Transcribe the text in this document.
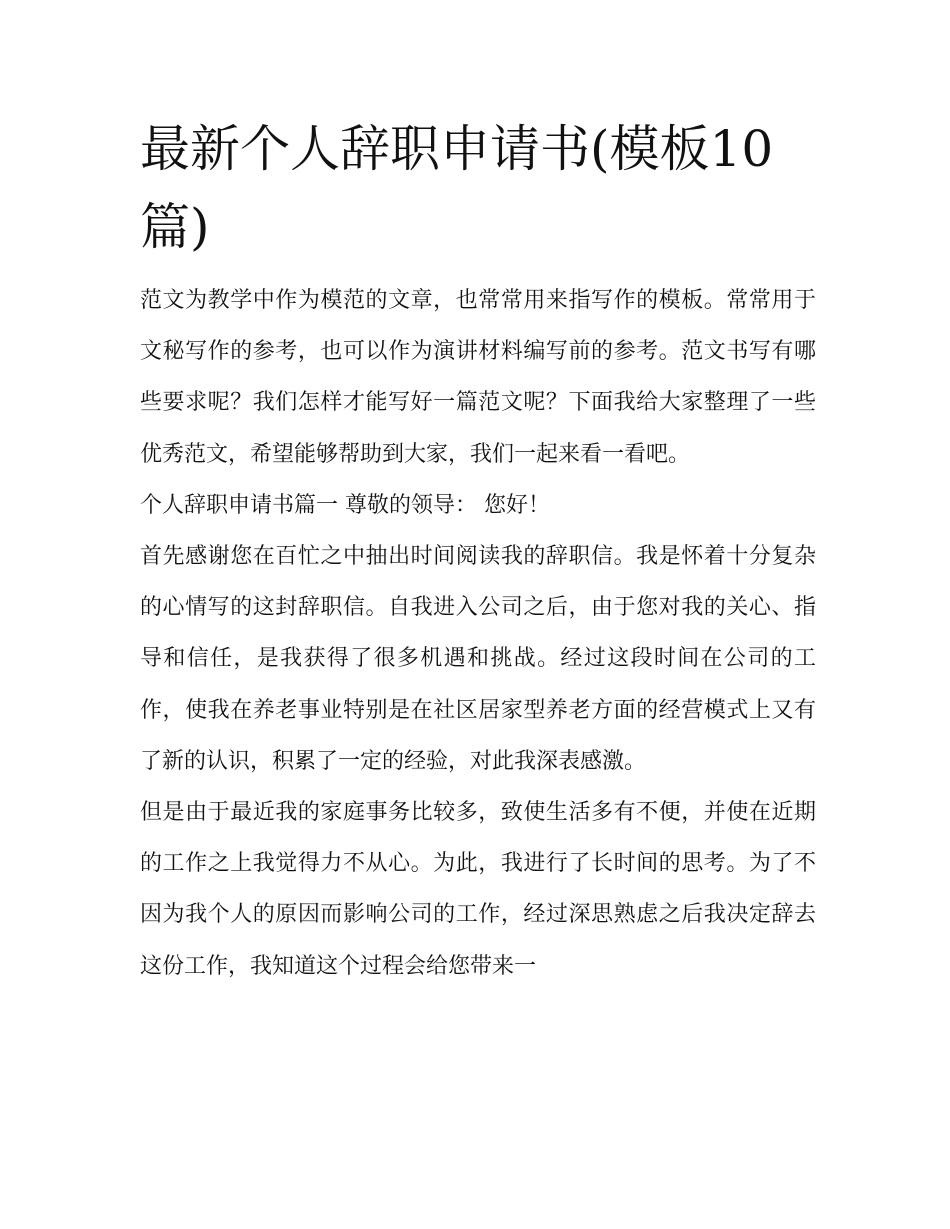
最新个人辞职申请书(模板10篇)

范文为教学中作为模范的文章，也常常用来指写作的模板。常常用于文秘写作的参考，也可以作为演讲材料编写前的参考。范文书写有哪些要求呢？我们怎样才能写好一篇范文呢？下面我给大家整理了一些优秀范文，希望能够帮助到大家，我们一起来看一看吧。

个人辞职申请书篇一 尊敬的领导： 您好！

首先感谢您在百忙之中抽出时间阅读我的辞职信。我是怀着十分复杂的心情写的这封辞职信。自我进入公司之后，由于您对我的关心、指导和信任，是我获得了很多机遇和挑战。经过这段时间在公司的工作，使我在养老事业特别是在社区居家型养老方面的经营模式上又有了新的认识，积累了一定的经验，对此我深表感激。

但是由于最近我的家庭事务比较多，致使生活多有不便，并使在近期的工作之上我觉得力不从心。为此，我进行了长时间的思考。为了不因为我个人的原因而影响公司的工作，经过深思熟虑之后我决定辞去这份工作，我知道这个过程会给您带来一
